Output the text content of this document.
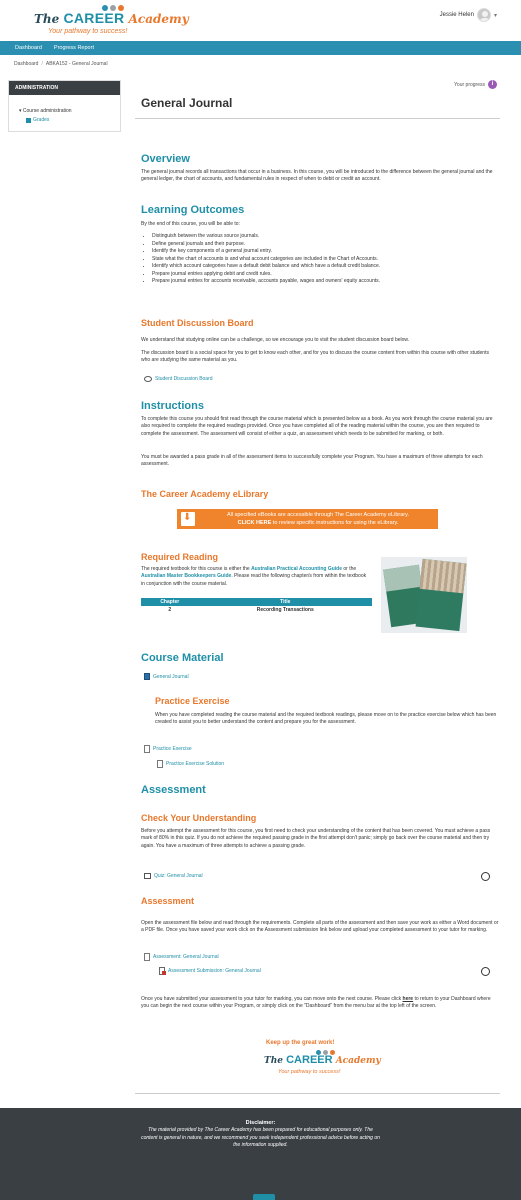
The CAREER Academy
Your pathway to success!
Jessie Helen	▾
Dashboard Progress Report
Dashboard / ABKA152 - General Journal
ADMINISTRATION
▾ Course administration
Grades
Your progress	i
General Journal
Overview
The general journal records all transactions that occur in a business. In this course, you will be introduced to the difference between the general journal and the general ledger, the chart of accounts, and fundamental rules in respect of when to debit or credit an account.
Learning Outcomes
By the end of this course, you will be able to:
• Distinguish between the various source journals.
• Define general journals and their purpose.
• Identify the key components of a general journal entry.
• State what the chart of accounts is and what account categories are included in the Chart of Accounts.
• Identify which account categories have a default debit balance and which have a default credit balance.
• Prepare journal entries applying debit and credit rules.
• Prepare journal entries for accounts receivable, accounts payable, wages and owners' equity accounts.
Student Discussion Board
We understand that studying online can be a challenge, so we encourage you to visit the student discussion board below.
The discussion board is a social space for you to get to know each other, and for you to discuss the course content from within this course with other students who are studying the same material as you.
Student Discussion Board
Instructions
To complete this course you should first read through the course material which is presented below as a book. As you work through the course material you are also required to complete the required readings provided. Once you have completed all of the reading material within the course, you are then required to complete the assessment. The assessment will consist of either a quiz, an assessment which needs to be submitted for marking, or both.
You must be awarded a pass grade in all of the assessment items to successfully complete your Program. You have a maximum of three attempts for each assessment.
The Career Academy eLibrary
⬇
All specified eBooks are accessible through The Career Academy eLibrary.
CLICK HERE to review specific instructions for using the eLibrary.
Required Reading
The required textbook for this course is either the Australian Practical Accounting Guide or the Australian Master Bookkeepers Guide. Please read the following chapter/s from within the textbook in conjunction with the course material.
Chapter	Title
2	Recording Transactions
Course Material
General Journal
Practice Exercise
When you have completed reading the course material and the required textbook readings, please move on to the practice exercise below which has been created to assist you to better understand the content and prepare you for the assessment.
Practice Exercise
Practice Exercise Solution
Assessment
Check Your Understanding
Before you attempt the assessment for this course, you first need to check your understanding of the content that has been covered. You must achieve a pass mark of 80% in this quiz. If you do not achieve the required passing grade in the first attempt don't panic; simply go back over the course material and then try again. You have a maximum of three attempts to achieve a passing grade.
Quiz: General Journal
Assessment
Open the assessment file below and read through the requirements. Complete all parts of the assessment and then save your work as either a Word document or a PDF file. Once you have saved your work click on the Assessment submission link below and upload your completed assessment to your tutor for marking.
Assessment: General Journal
Assessment Submission: General Journal
Once you have submitted your assessment to your tutor for marking, you can move onto the next course. Please click here to return to your Dashboard where you can begin the next course within your Program, or simply click on the "Dashboard" from the menu bar at the top left of the screen.
Keep up the great work!
The CAREER Academy
Your pathway to success!
Disclaimer:
The material provided by The Career Academy has been prepared for educational purposes only. The content is general in nature, and we recommend you seek independent professional advice before acting on the information supplied.
